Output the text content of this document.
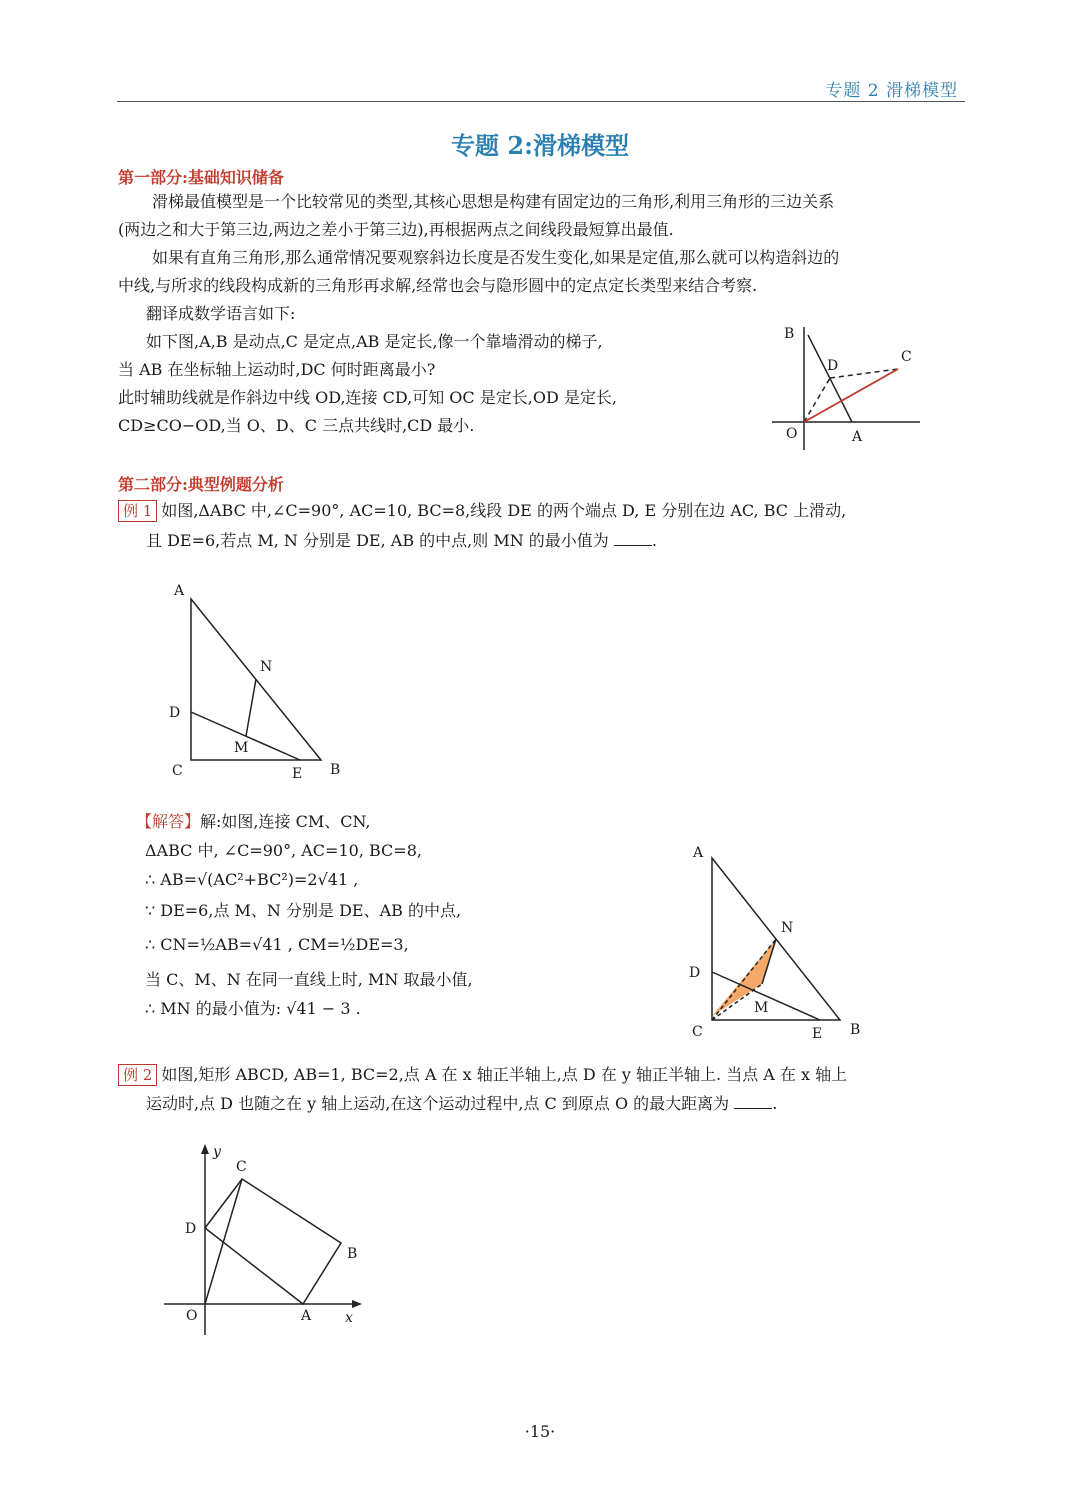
专题 2 滑梯模型
专题 2:滑梯模型
第一部分:基础知识储备
滑梯最值模型是一个比较常见的类型,其核心思想是构建有固定边的三角形,利用三角形的三边关系
(两边之和大于第三边,两边之差小于第三边),再根据两点之间线段最短算出最值.
如果有直角三角形,那么通常情况要观察斜边长度是否发生变化,如果是定值,那么就可以构造斜边的
中线,与所求的线段构成新的三角形再求解,经常也会与隐形圆中的定点定长类型来结合考察.
翻译成数学语言如下:
如下图,A,B 是动点,C 是定点,AB 是定长,像一个靠墙滑动的梯子,
当 AB 在坐标轴上运动时,DC 何时距离最小?
此时辅助线就是作斜边中线 OD,连接 CD,可知 OC 是定长,OD 是定长,
CD≥CO−OD,当 O、D、C 三点共线时,CD 最小.
B
D
C
O	A
第二部分:典型例题分析
例 1 如图,ΔABC 中,∠C=90°, AC=10, BC=8,线段 DE 的两个端点 D, E 分别在边 AC, BC 上滑动,
且 DE=6,若点 M, N 分别是 DE, AB 的中点,则 MN 的最小值为	.
A
N
D
M
C	E B
【解答】解:如图,连接 CM、CN,
ΔABC 中, ∠C=90°, AC=10, BC=8,
∴ AB=√(AC²+BC²)=2√41 ,
∵ DE=6,点 M、N 分别是 DE、AB 的中点,
∴ CN=½AB=√41 , CM=½DE=3,
当 C、M、N 在同一直线上时, MN 取最小值,
∴ MN 的最小值为: √41 − 3 .
A
N
D
M
C	E B
例 2 如图,矩形 ABCD, AB=1, BC=2,点 A 在 x 轴正半轴上,点 D 在 y 轴正半轴上. 当点 A 在 x 轴上
运动时,点 D 也随之在 y 轴上运动,在这个运动过程中,点 C 到原点 O 的最大距离为	.
y
C
D
B
O	A x
·15·
